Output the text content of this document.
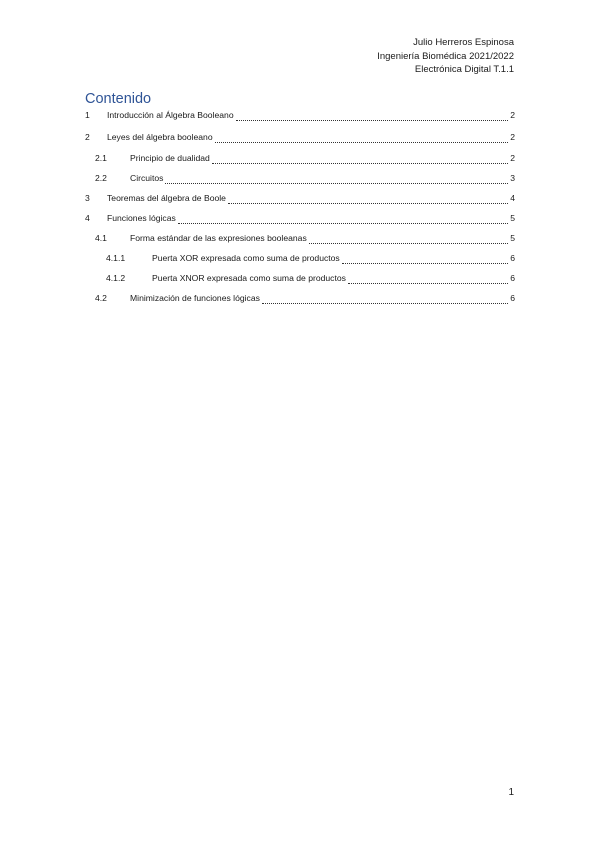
Julio Herreros Espinosa
Ingeniería Biomédica 2021/2022
Electrónica Digital T.1.1
Contenido
1	Introducción al Álgebra Booleano	2
2	Leyes del álgebra booleano	2
2.1	Principio de dualidad	2
2.2	Circuitos	3
3	Teoremas del álgebra de Boole	4
4	Funciones lógicas	5
4.1	Forma estándar de las expresiones booleanas	5
4.1.1	Puerta XOR expresada como suma de productos	6
4.1.2	Puerta XNOR expresada como suma de productos	6
4.2	Minimización de funciones lógicas	6
1
